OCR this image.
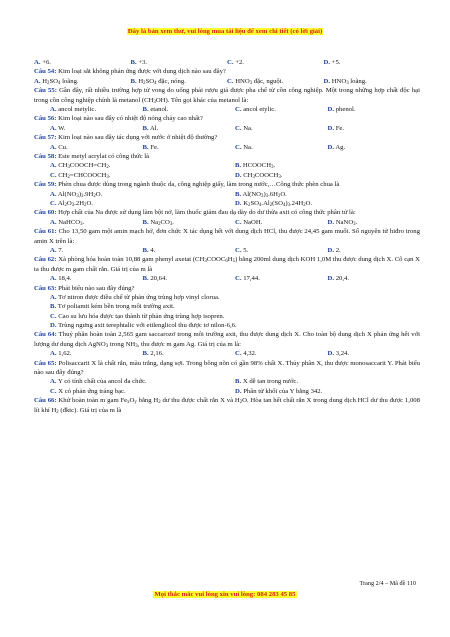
Đây là bản xem thử, vui lòng mua tài liệu để xem chi tiết (có lời giải)
A. +6.	B. +3.	C. +2.	D. +5.
Câu 54: Kim loại sắt không phản ứng được với dung dịch nào sau đây?
A. $H_2SO_4$ loãng.	B. $H_2SO_4$ đặc, nóng.	C. $HNO_3$ đặc, nguội.	D. $HNO_3$ loãng.
Câu 55: Gần đây, rất nhiều trường hợp tử vong do uống phải rượu giả được pha chế từ cồn công nghiệp. Một trong những hợp chất độc hại trong cồn công nghiệp chính là metanol $(CH_3OH)$. Tên gọi khác của metanol là:
A. ancol metylic.	B. etanol.	C. ancol etylic.	D. phenol.
Câu 56: Kim loại nào sau đây có nhiệt độ nóng chảy cao nhất?
A. W.	B. Al.	C. Na.	D. Fe.
Câu 57: Kim loại nào sau đây tác dụng với nước ở nhiệt độ thường?
A. Cu.	B. Fe.	C. Na.	D. Ag.
Câu 58: Este metyl acrylat có công thức là
A. $CH_3COOCH=CH_2$.	B. $HCOOCH_3$.
C. $CH_2=CHCOOCH_3$.	D. $CH_3COOCH_3$.
Câu 59: Phèn chua được dùng trong ngành thuộc da, công nghiệp giấy, làm trong nước,…Công thức phèn chua là
A. $Al(NO_3)_3.9H_2O$.	B. $Al(NO_3)_3.6H_2O$.
C. $Al_2O_3.2H_2O$.	D. $K_2SO_4.Al_2(SO_4)_3.24H_2O$.
Câu 60: Hợp chất của Na được sử dụng làm bột nở, làm thuốc giảm đau dạ dày do dư thừa axit có công thức phân tử là:
A. NaHCO$_3$.	B. $Na_2CO_3$.	C. NaOH.	D. NaNO$_3$.
Câu 61: Cho 13,50 gam một amin mạch hở, đơn chức X tác dụng hết với dung dịch HCl, thu được 24,45 gam muối. Số nguyên tử hiđro trong amin X trên là:
A. 7.	B. 4.	C. 5.	D. 2.
Câu 62: Xà phòng hóa hoàn toàn 10,88 gam phenyl axetat $(CH_3COOC_6H_5)$ bằng 200ml dung dịch KOH 1,0M thu được dung dịch X. Cô cạn X ta thu được m gam chất rắn. Giá trị của m là
A. 18,4.	B. 20,64.	C. 17,44.	D. 20,4.
Câu 63: Phát biểu nào sau đây đúng?
A. Tơ nitron được điều chế từ phản ứng trùng hợp vinyl clorua.
B. Tơ poliamit kém bền trong môi trường axit.
C. Cao su lưu hóa được tạo thành từ phản ứng trùng hợp isopren.
D. Trùng ngưng axit terephtalic với etilenglicol thu được tơ nilon-6,6.
Câu 64: Thuỷ phân hoàn toàn 2,565 gam saccarozơ trong môi trường axit, thu được dung dịch X. Cho toàn bộ dung dịch X phản ứng hết với lượng dư dung dịch AgNO$_3$ trong $NH_3$, thu được m gam Ag. Giá trị của m là:
A. 1,62.	B. 2,16.	C. 4,32.	D. 3,24.
Câu 65: Polisaccarit X là chất rắn, màu trắng, dạng sợi. Trong bông nõn có gần 98% chất X. Thủy phân X, thu được monosaccarit Y. Phát biểu nào sau đây đúng?
A. Y có tính chất của ancol đa chức.	B. X dễ tan trong nước.
C. X có phản ứng tráng bạc.	D. Phân tử khối của Y bằng 342.
Câu 66: Khử hoàn toàn m gam $Fe_xO_y$ bằng $H_2$ dư thu được chất rắn X và $H_2O$. Hòa tan hết chất rắn X trong dung dịch HCl dư thu được 1,008 lít khí $H_2$ (đktc). Giá trị của m là
Trang 2/4 – Mã đề 110
Mọi thắc mắc vui lòng xin vui lòng: 084 283 45 85
